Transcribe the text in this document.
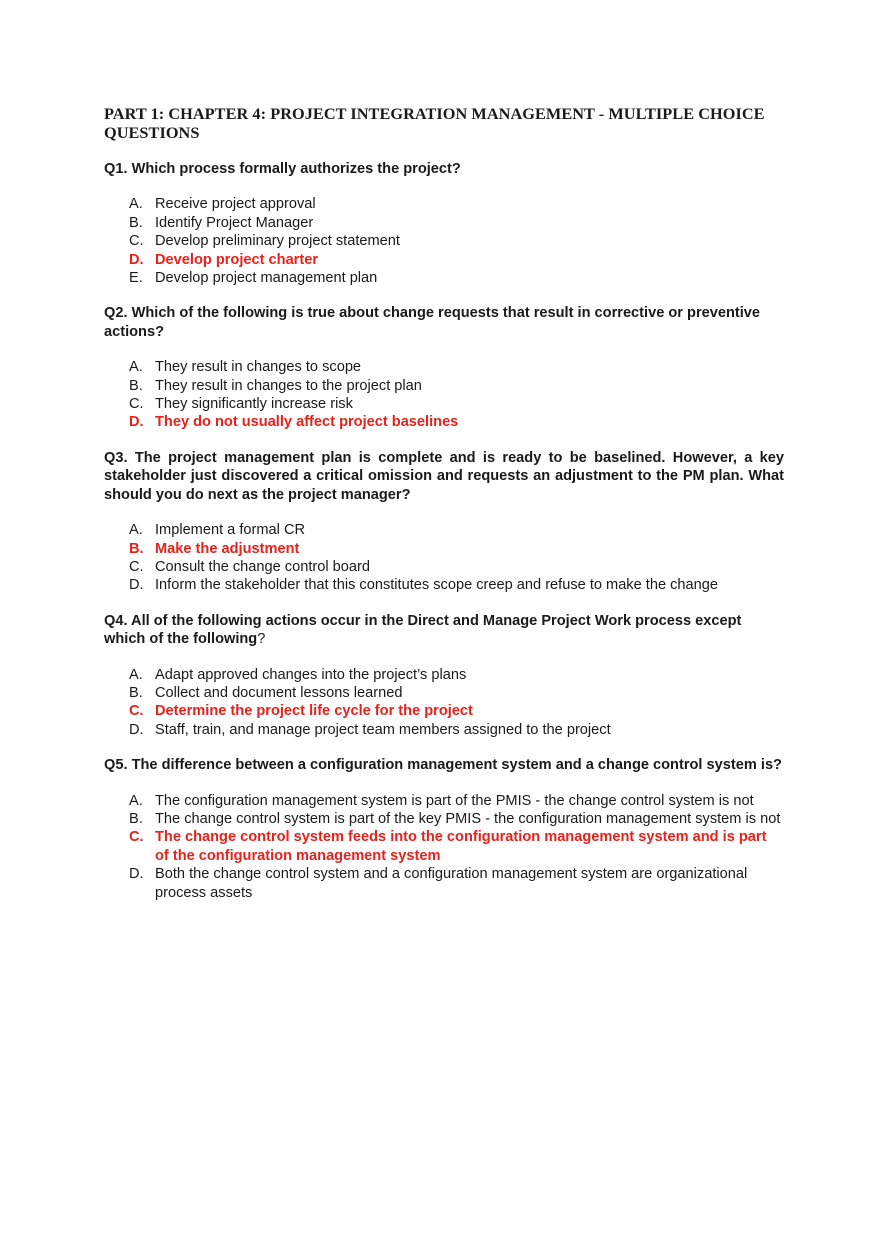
PART 1: CHAPTER 4: PROJECT INTEGRATION MANAGEMENT - MULTIPLE CHOICE QUESTIONS
Q1. Which process formally authorizes the project?
A. Receive project approval
B. Identify Project Manager
C. Develop preliminary project statement
D. Develop project charter
E. Develop project management plan
Q2. Which of the following is true about change requests that result in corrective or preventive actions?
A. They result in changes to scope
B. They result in changes to the project plan
C. They significantly increase risk
D. They do not usually affect project baselines
Q3. The project management plan is complete and is ready to be baselined. However, a key stakeholder just discovered a critical omission and requests an adjustment to the PM plan. What should you do next as the project manager?
A. Implement a formal CR
B. Make the adjustment
C. Consult the change control board
D. Inform the stakeholder that this constitutes scope creep and refuse to make the change
Q4. All of the following actions occur in the Direct and Manage Project Work process except which of the following?
A. Adapt approved changes into the project’s plans
B. Collect and document lessons learned
C. Determine the project life cycle for the project
D. Staff, train, and manage project team members assigned to the project
Q5. The difference between a configuration management system and a change control system is?
A. The configuration management system is part of the PMIS - the change control system is not
B. The change control system is part of the key PMIS - the configuration management system is not
C. The change control system feeds into the configuration management system and is part of the configuration management system
D. Both the change control system and a configuration management system are organizational process assets
